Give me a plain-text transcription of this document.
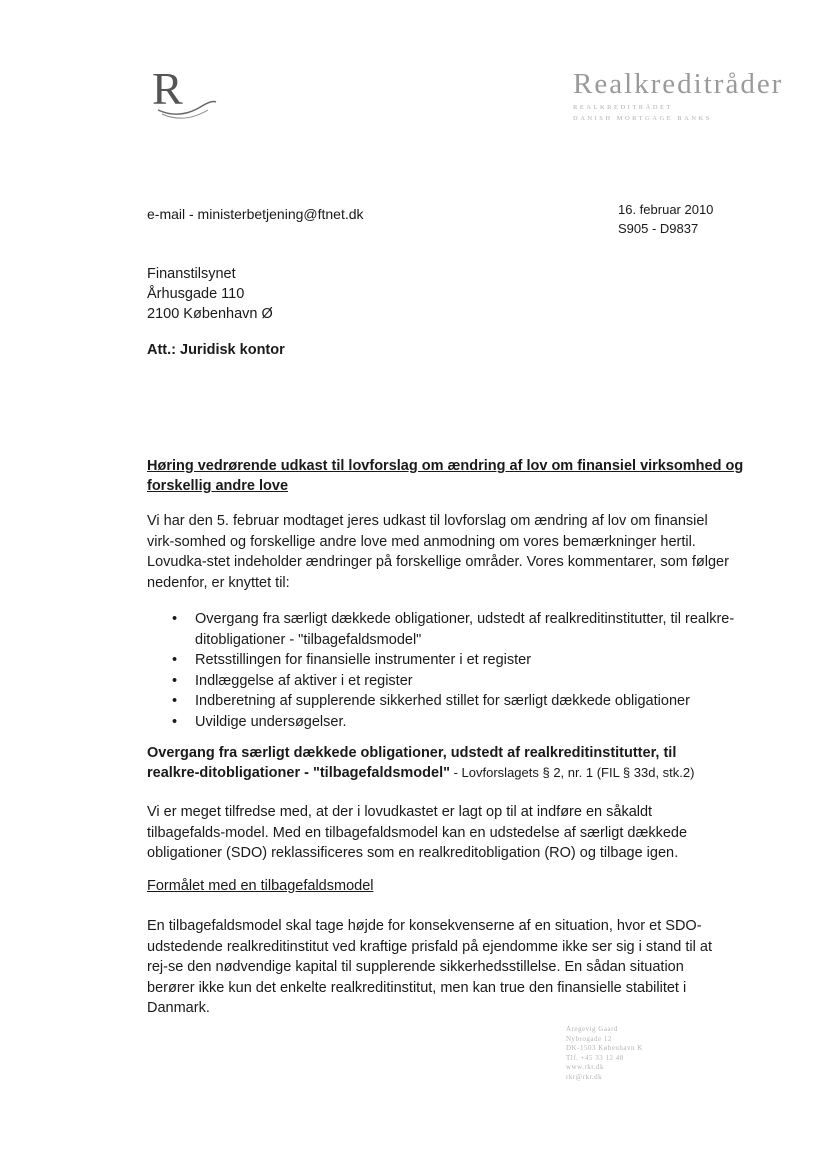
R	Realkreditråder
REALKREDITRÅDET
DANISH MORTGAGE BANKS
e-mail - ministerbetjening@ftnet.dk	16. februar 2010
S905 - D9837
Finanstilsynet
Århusgade 110
2100 København Ø
Att.: Juridisk kontor
Høring vedrørende udkast til lovforslag om ændring af lov om finansiel virksomhed og forskellig andre love
Vi har den 5. februar modtaget jeres udkast til lovforslag om ændring af lov om finansiel virk-somhed og forskellige andre love med anmodning om vores bemærkninger hertil. Lovudka-stet indeholder ændringer på forskellige områder. Vores kommentarer, som følger nedenfor, er knyttet til:
• Overgang fra særligt dækkede obligationer, udstedt af realkreditinstitutter, til realkre-ditobligationer - "tilbagefaldsmodel"
• Retsstillingen for finansielle instrumenter i et register
• Indlæggelse af aktiver i et register
• Indberetning af supplerende sikkerhed stillet for særligt dækkede obligationer
• Uvildige undersøgelser.
Overgang fra særligt dækkede obligationer, udstedt af realkreditinstitutter, til realkre-ditobligationer - "tilbagefaldsmodel" - Lovforslagets § 2, nr. 1 (FIL § 33d, stk.2)
Vi er meget tilfredse med, at der i lovudkastet er lagt op til at indføre en såkaldt tilbagefalds-model. Med en tilbagefaldsmodel kan en udstedelse af særligt dækkede obligationer (SDO) reklassificeres som en realkreditobligation (RO) og tilbage igen.
Formålet med en tilbagefaldsmodel
En tilbagefaldsmodel skal tage højde for konsekvenserne af en situation, hvor et SDO-udstedende realkreditinstitut ved kraftige prisfald på ejendomme ikke ser sig i stand til at rej-se den nødvendige kapital til supplerende sikkerhedsstillelse. En sådan situation berører ikke kun det enkelte realkreditinstitut, men kan true den finansielle stabilitet i Danmark.
Aregevig Gaard
Nybrogade 12
DK-1503 København K
Tlf. +45 33 12 48
www.rkr.dk
rkr@rkr.dk
